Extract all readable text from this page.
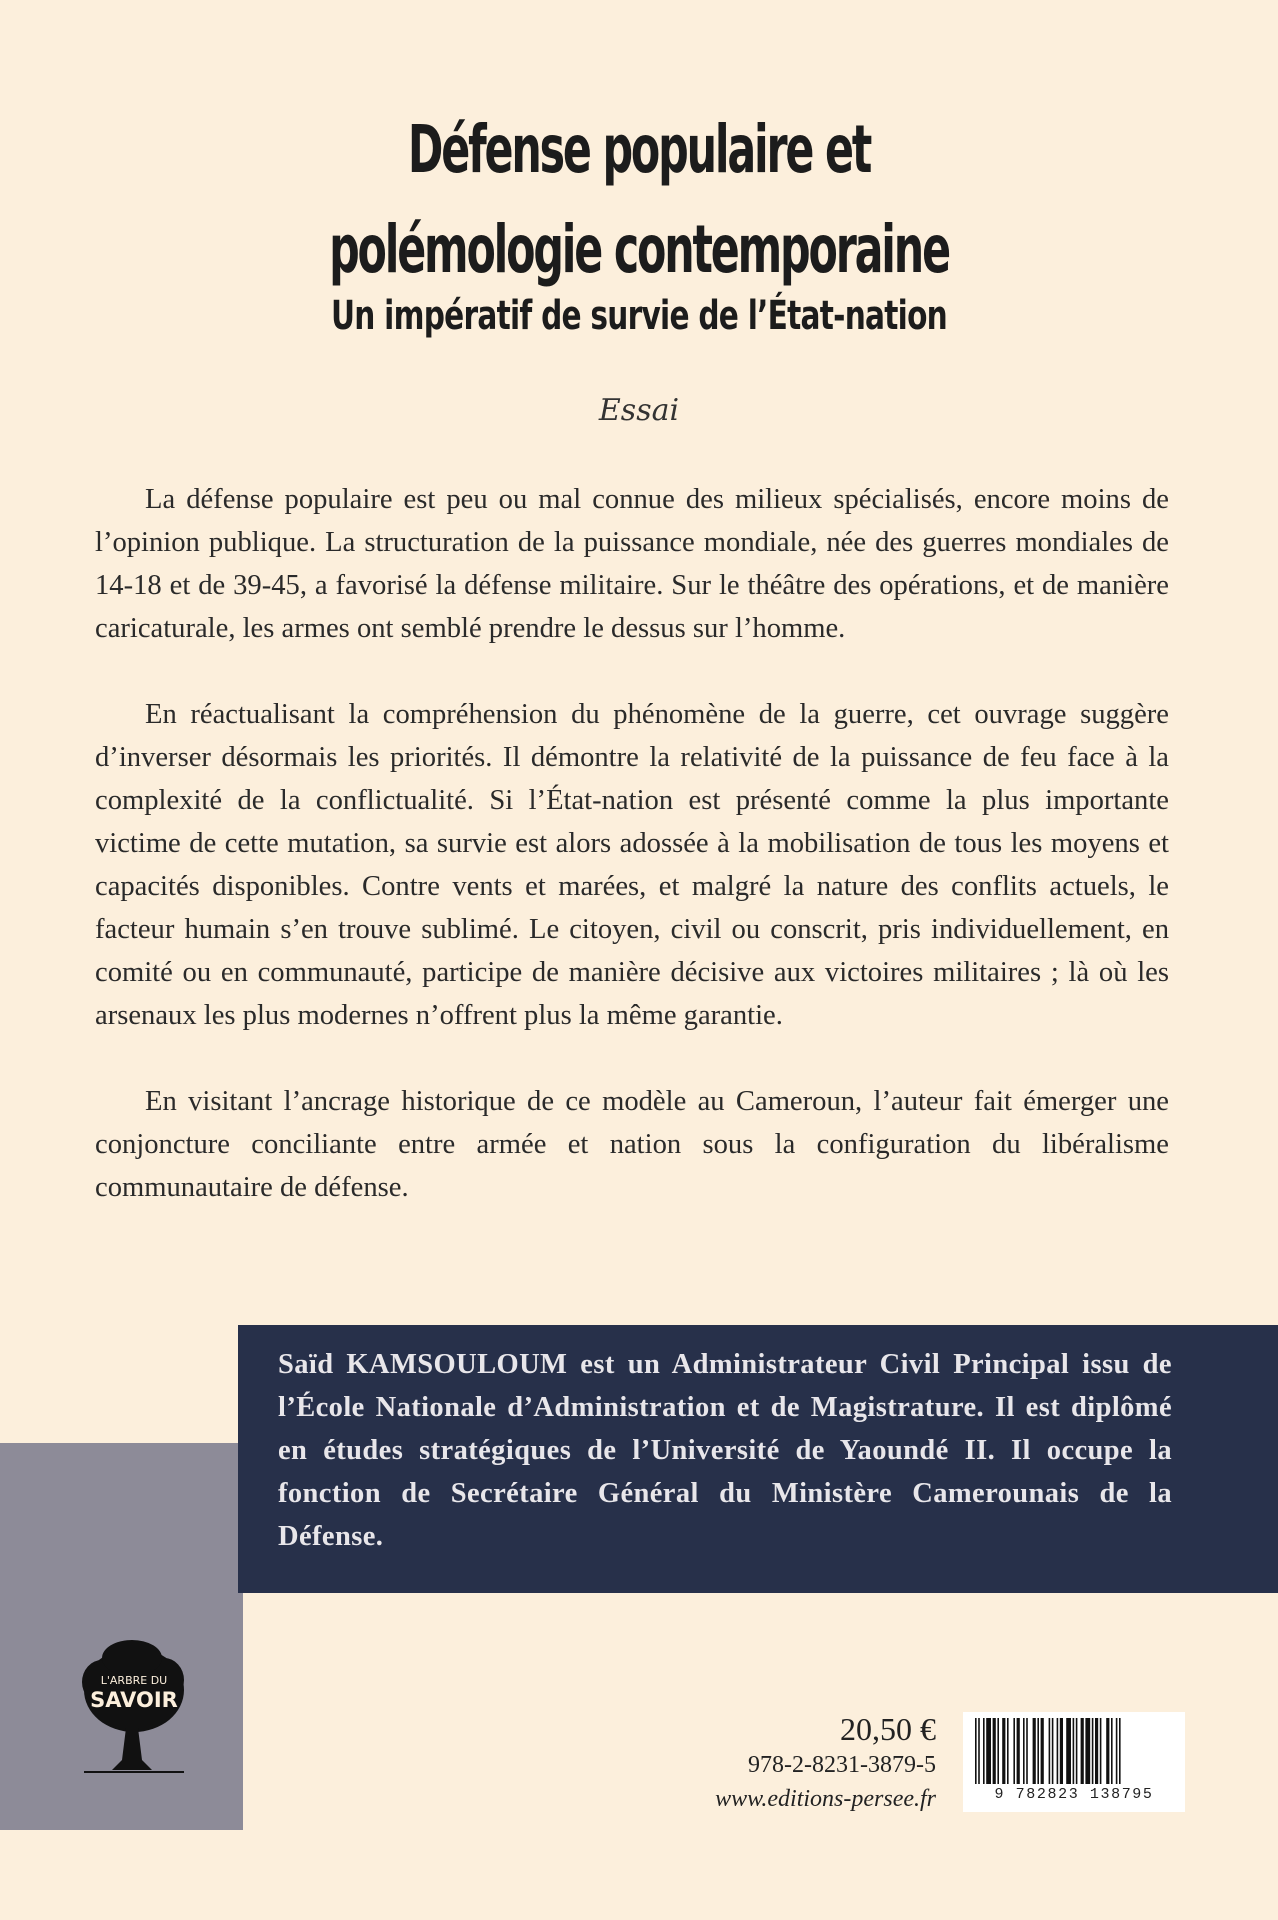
Défense populaire et
polémologie contemporaine
Un impératif de survie de l’État-nation
Essai

La défense populaire est peu ou mal connue des milieux spécialisés, encore moins de l’opinion publique. La structuration de la puissance mondiale, née des guerres mondiales de 14-18 et de 39-45, a favorisé la défense militaire. Sur le théâtre des opérations, et de manière caricaturale, les armes ont semblé prendre le dessus sur l’homme.

En réactualisant la compréhension du phénomène de la guerre, cet ouvrage suggère d’inverser désormais les priorités. Il démontre la relativité de la puissance de feu face à la complexité de la conflictualité. Si l’État-nation est présenté comme la plus importante victime de cette mutation, sa survie est alors adossée à la mobilisation de tous les moyens et capacités disponibles. Contre vents et marées, et malgré la nature des conflits actuels, le facteur humain s’en trouve sublimé. Le citoyen, civil ou conscrit, pris individuellement, en comité ou en communauté, participe de manière décisive aux victoires militaires ; là où les arsenaux les plus modernes n’offrent plus la même garantie.

En visitant l’ancrage historique de ce modèle au Cameroun, l’auteur fait émerger une conjoncture conciliante entre armée et nation sous la configuration du libéralisme communautaire de défense.

Saïd KAMSOULOUM est un Administrateur Civil Principal issu de l’École Nationale d’Administration et de Magistrature. Il est diplômé en études stratégiques de l’Université de Yaoundé II. Il occupe la fonction de Secrétaire Général du Ministère Camerounais de la Défense.

L'ARBRE DU
SAVOIR
20,50 €
978-2-8231-3879-5
www.editions-persee.fr	9 782823 138795
